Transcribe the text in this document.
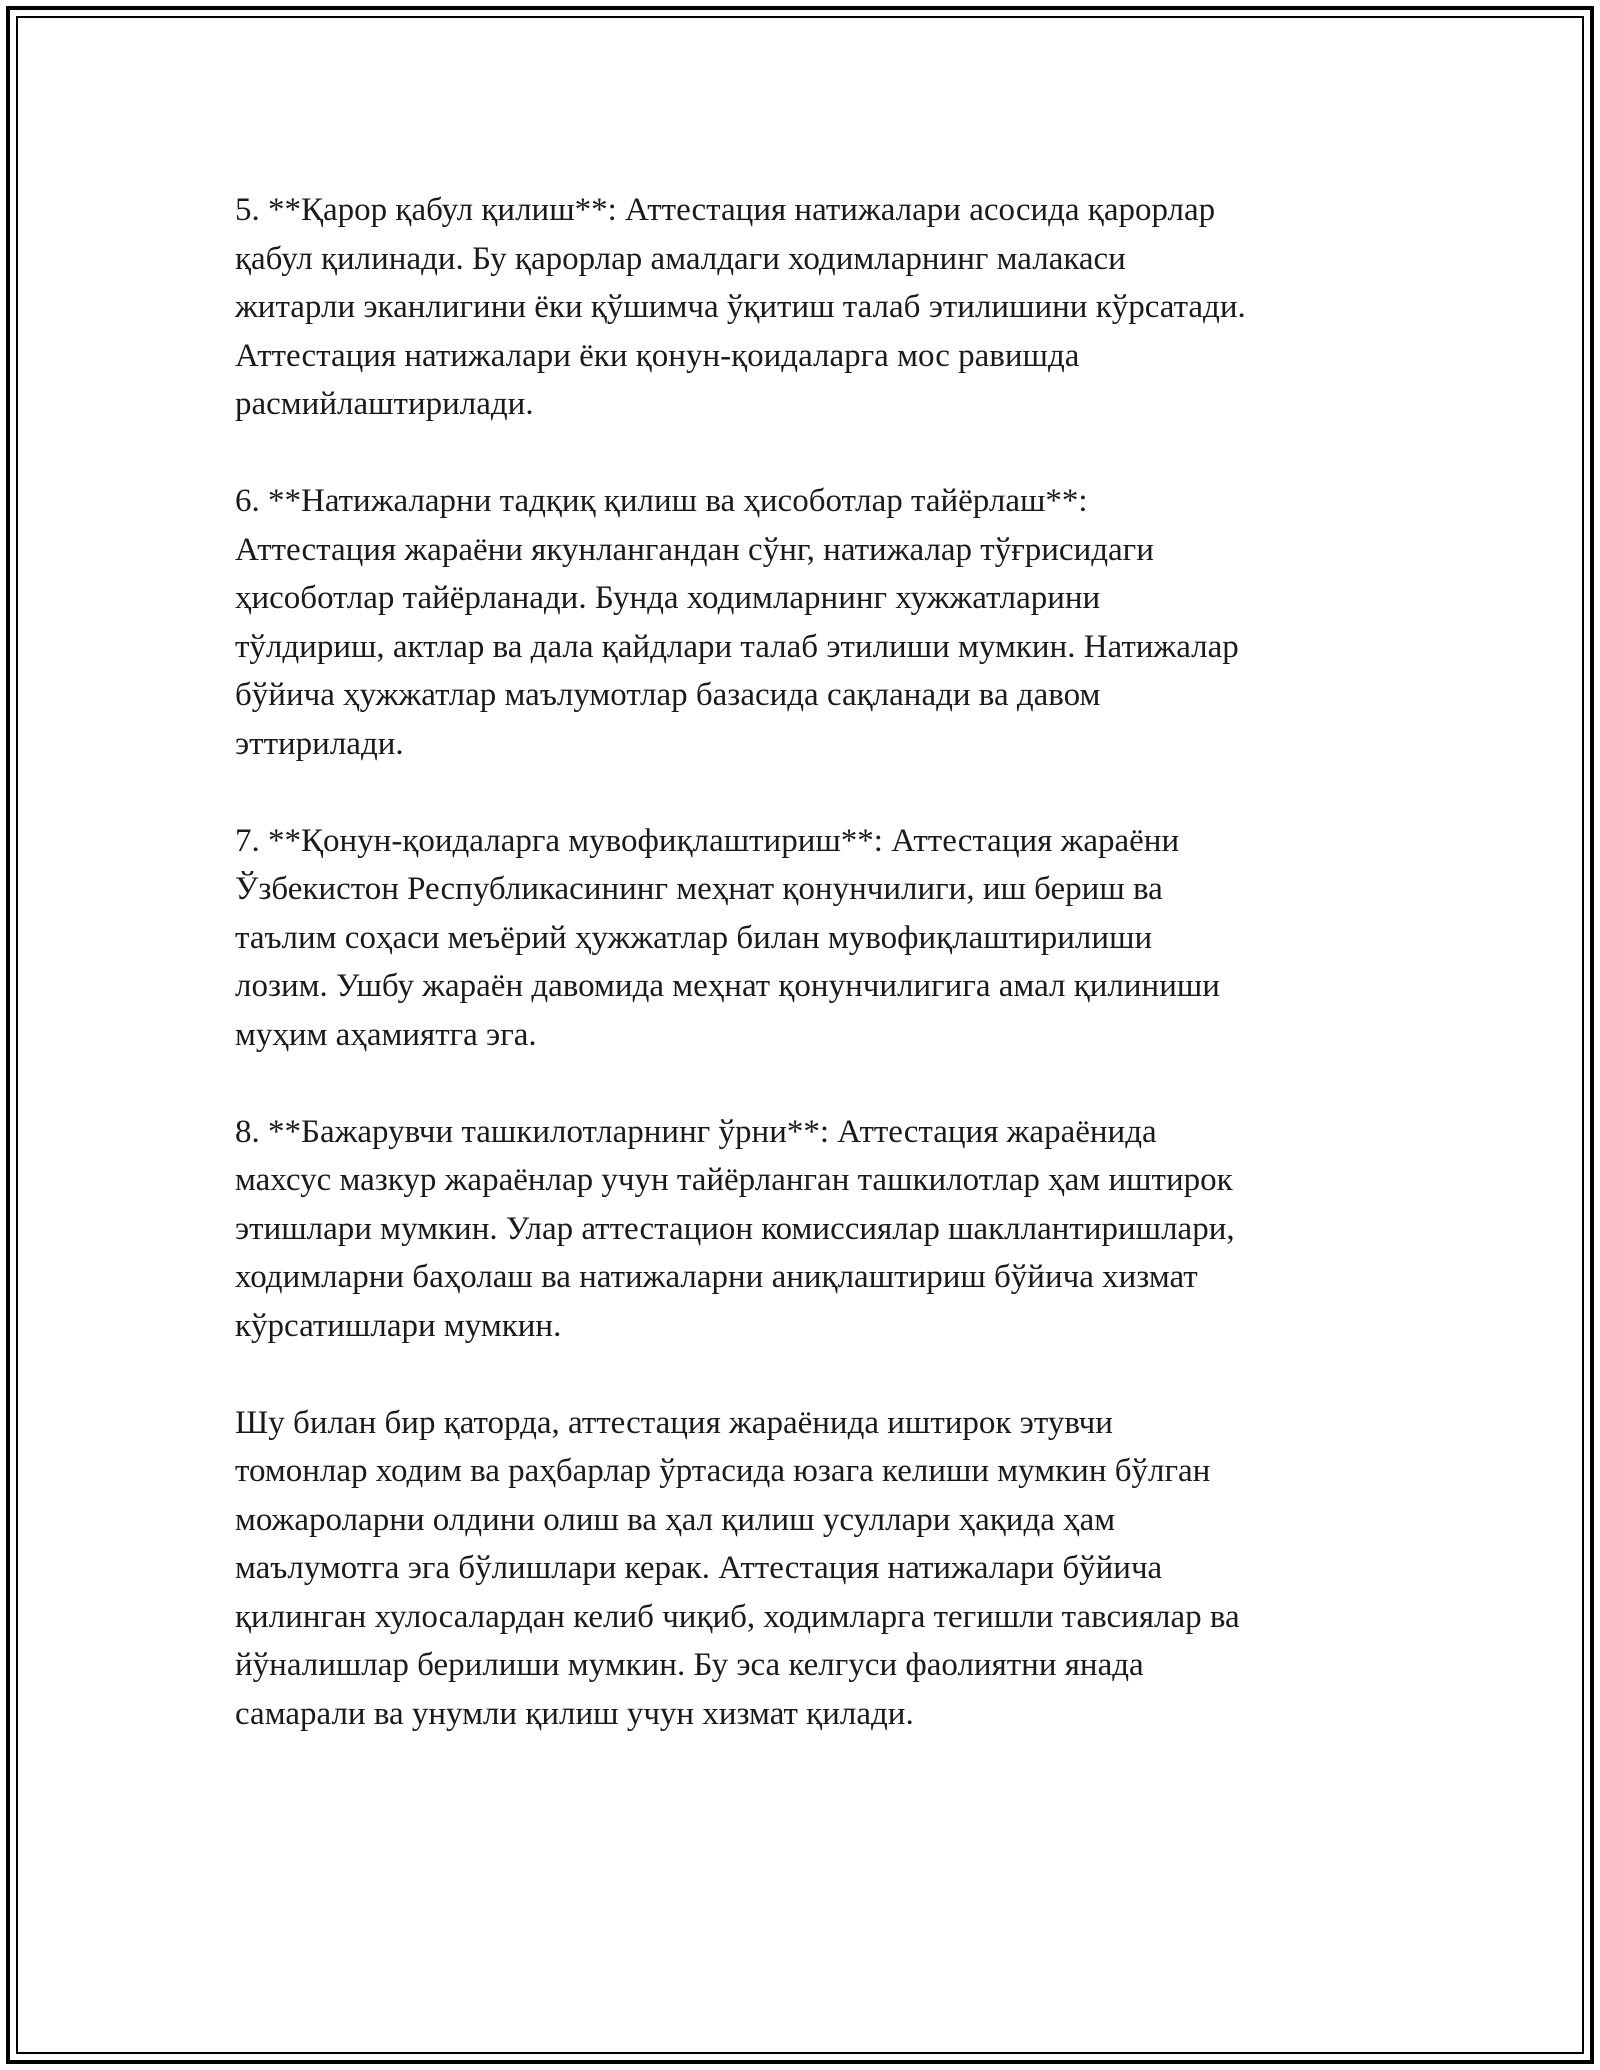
5. **Қарор қабул қилиш**: Аттестация натижалари асосида қарорлар
қабул қилинади. Бу қарорлар амалдаги ходимларнинг малакаси
житарли эканлигини ёки қўшимча ўқитиш талаб этилишини кўрсатади.
Аттестация натижалари ёки қонун-қоидаларга мос равишда
расмийлаштирилади.

6. **Натижаларни тадқиқ қилиш ва ҳисоботлар тайёрлаш**:
Аттестация жараёни якунлангандан сўнг, натижалар тўғрисидаги
ҳисоботлар тайёрланади. Бунда ходимларнинг хужжатларини
тўлдириш, актлар ва дала қайдлари талаб этилиши мумкин. Натижалар
бўйича ҳужжатлар маълумотлар базасида сақланади ва давом
эттирилади.

7. **Қонун-қоидаларга мувофиқлаштириш**: Аттестация жараёни
Ўзбекистон Республикасининг меҳнат қонунчилиги, иш бериш ва
таълим соҳаси меъёрий ҳужжатлар билан мувофиқлаштирилиши
лозим. Ушбу жараён давомида меҳнат қонунчилигига амал қилиниши
муҳим аҳамиятга эга.

8. **Бажарувчи ташкилотларнинг ўрни**: Аттестация жараёнида
махсус мазкур жараёнлар учун тайёрланган ташкилотлар ҳам иштирок
этишлари мумкин. Улар аттестацион комиссиялар шакллантиришлари,
ходимларни баҳолаш ва натижаларни аниқлаштириш бўйича хизмат
кўрсатишлари мумкин.

Шу билан бир қаторда, аттестация жараёнида иштирок этувчи
томонлар ходим ва раҳбарлар ўртасида юзага келиши мумкин бўлган
можароларни олдини олиш ва ҳал қилиш усуллари ҳақида ҳам
маълумотга эга бўлишлари керак. Аттестация натижалари бўйича
қилинган хулосалардан келиб чиқиб, ходимларга тегишли тавсиялар ва
йўналишлар берилиши мумкин. Бу эса келгуси фаолиятни янада
самарали ва унумли қилиш учун хизмат қилади.
